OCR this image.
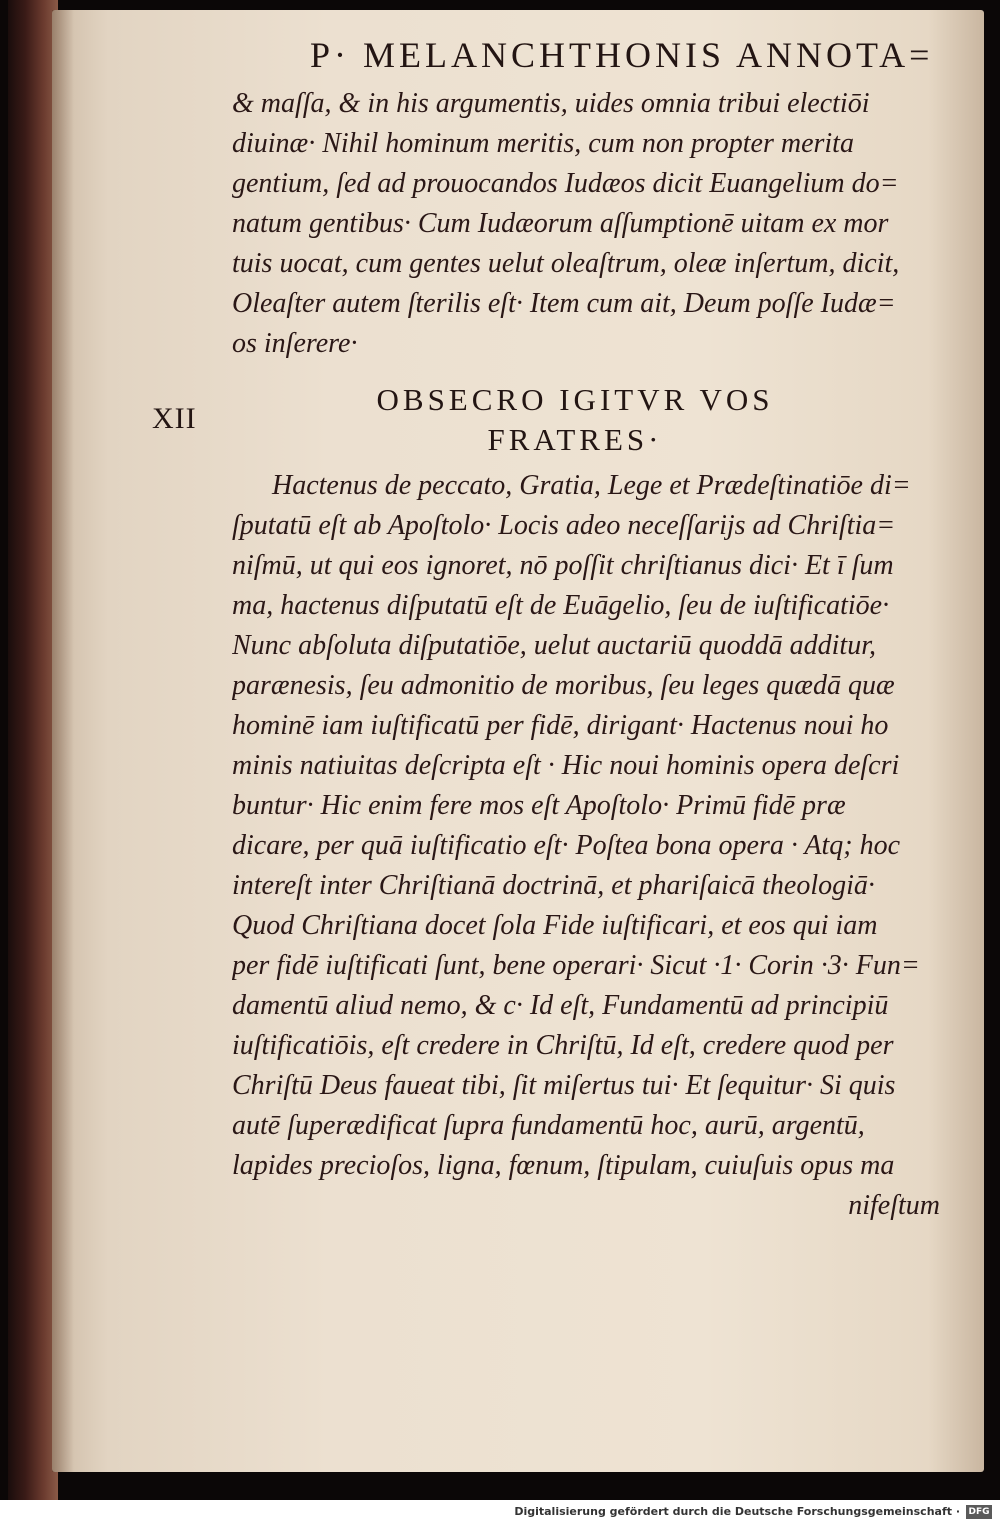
P· MELANCHTHONIS ANNOTA=
& maſſa, & in his argumentis, uides omnia tribui electiōi
diuinæ· Nihil hominum meritis, cum non propter merita
gentium, ſed ad prouocandos Iudæos dicit Euangelium do=
natum gentibus· Cum Iudæorum aſſumptionē uitam ex mor
tuis uocat, cum gentes uelut oleaſtrum, oleæ inſertum, dicit,
Oleaſter autem ſterilis eſt· Item cum ait, Deum poſſe Iudæ=
os inſerere·
XII
OBSECRO IGITVR VOS
FRATRES·
Hactenus de peccato, Gratia, Lege et Prædeſtinatiōe di=
ſputatū eſt ab Apoſtolo· Locis adeo neceſſarijs ad Chriſtia=
niſmū, ut qui eos ignoret, nō poſſit chriſtianus dici· Et ī ſum
ma, hactenus diſputatū eſt de Euāgelio, ſeu de iuſtificatiōe·
Nunc abſoluta diſputatiōe, uelut auctariū quoddā additur,
parænesis, ſeu admonitio de moribus, ſeu leges quædā quæ
hominē iam iuſtificatū per fidē, dirigant· Hactenus noui ho
minis natiuitas deſcripta eſt · Hic noui hominis opera deſcri
buntur· Hic enim fere mos eſt Apoſtolo· Primū fidē præ
dicare, per quā iuſtificatio eſt· Poſtea bona opera · Atq; hoc
intereſt inter Chriſtianā doctrinā, et phariſaicā theologiā·
Quod Chriſtiana docet ſola Fide iuſtificari, et eos qui iam
per fidē iuſtificati ſunt, bene operari· Sicut ·1· Corin ·3· Fun=
damentū aliud nemo, & c· Id eſt, Fundamentū ad principiū
iuſtificatiōis, eſt credere in Chriſtū, Id eſt, credere quod per
Chriſtū Deus faueat tibi, ſit miſertus tui· Et ſequitur· Si quis
autē ſuperædificat ſupra fundamentū hoc, aurū, argentū,
lapides precioſos, ligna, fœnum, ſtipulam, cuiuſuis opus ma
nifeſtum
Digitalisierung gefördert durch die Deutsche Forschungsgemeinschaft · DFG
